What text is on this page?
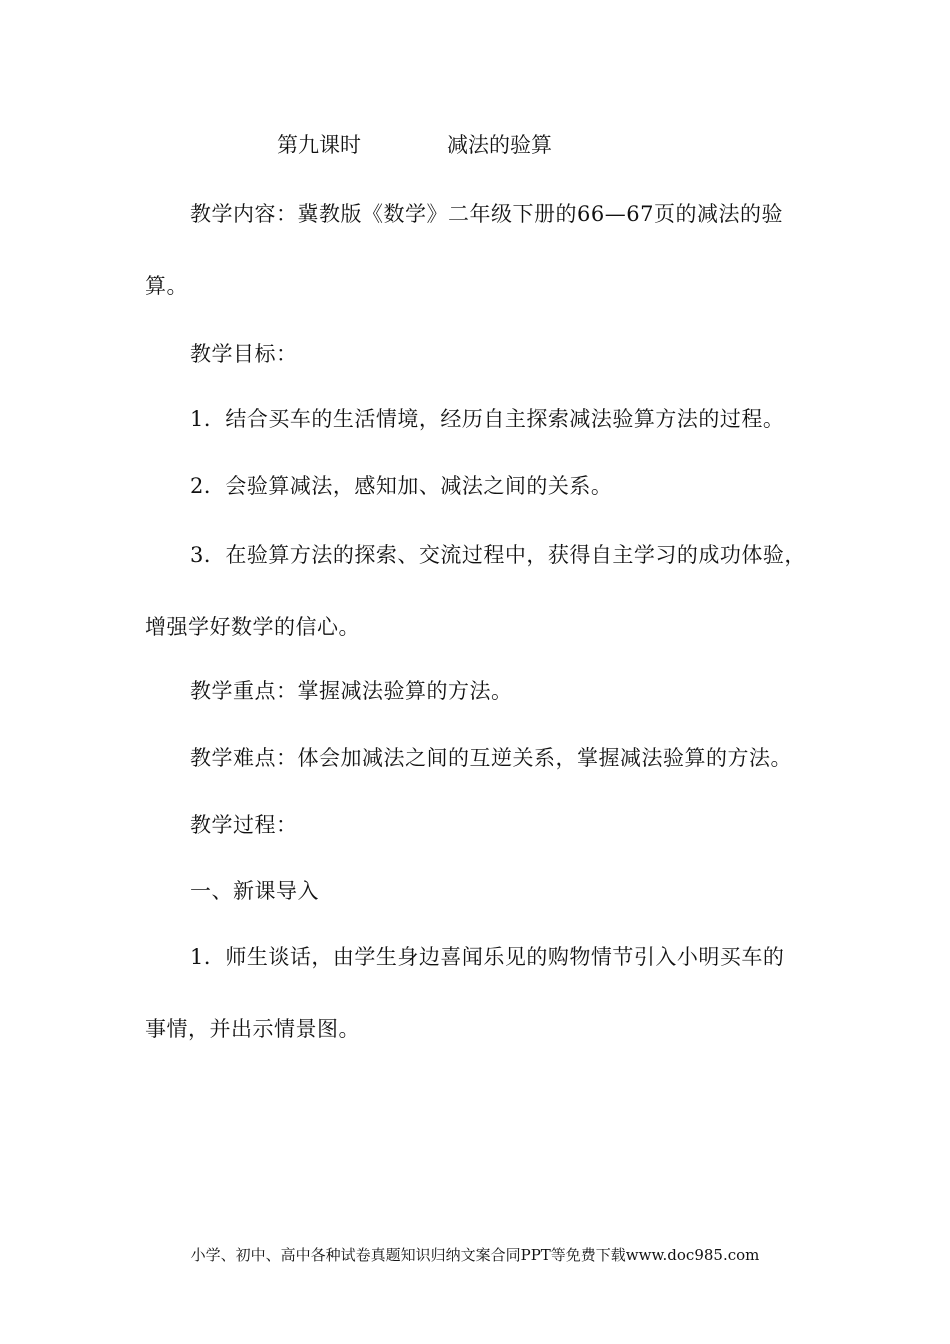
第九课时	减法的验算
教学内容：冀教版《数学》二年级下册的66—67页的减法的验
算。
教学目标：
1．结合买车的生活情境，经历自主探索减法验算方法的过程。
2．会验算减法，感知加、减法之间的关系。
3．在验算方法的探索、交流过程中，获得自主学习的成功体验，
增强学好数学的信心。
教学重点：掌握减法验算的方法。
教学难点：体会加减法之间的互逆关系，掌握减法验算的方法。
教学过程：
一、新课导入
1．师生谈话，由学生身边喜闻乐见的购物情节引入小明买车的
事情，并出示情景图。
小学、初中、高中各种试卷真题知识归纳文案合同PPT等免费下载www.doc985.com
